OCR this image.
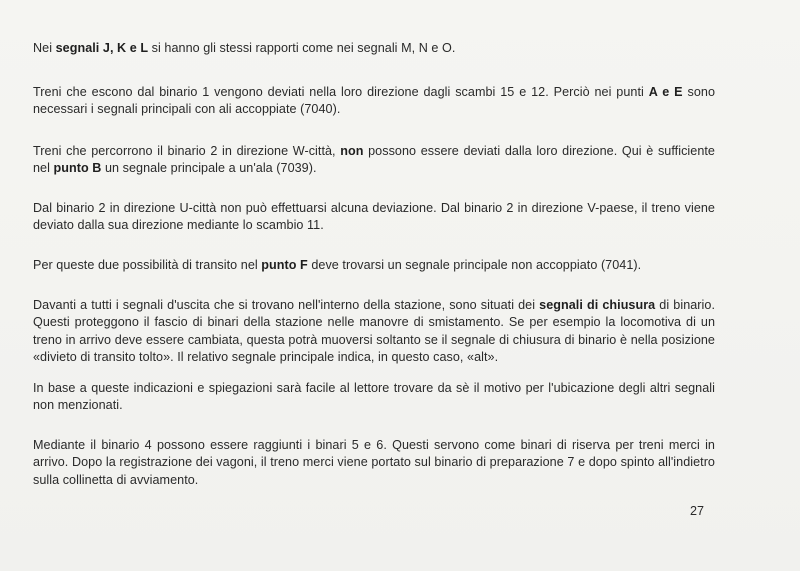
Nei segnali J, K e L si hanno gli stessi rapporti come nei segnali M, N e O.

Treni che escono dal binario 1 vengono deviati nella loro direzione dagli scambi 15 e 12. Perciò nei punti A e E sono necessari i segnali principali con ali accoppiate (7040).

Treni che percorrono il binario 2 in direzione W-città, non possono essere deviati dalla loro direzione. Qui è sufficiente nel punto B un segnale principale a un'ala (7039).

Dal binario 2 in direzione U-città non può effettuarsi alcuna deviazione. Dal binario 2 in direzione V-paese, il treno viene deviato dalla sua direzione mediante lo scambio 11.

Per queste due possibilità di transito nel punto F deve trovarsi un segnale principale non accoppiato (7041).

Davanti a tutti i segnali d'uscita che si trovano nell'interno della stazione, sono situati dei segnali di chiusura di binario. Questi proteggono il fascio di binari della stazione nelle manovre di smistamento. Se per esempio la locomotiva di un treno in arrivo deve essere cambiata, questa potrà muoversi soltanto se il segnale di chiusura di binario è nella posizione «divieto di transito tolto». Il relativo segnale principale indica, in questo caso, «alt».

In base a queste indicazioni e spiegazioni sarà facile al lettore trovare da sè il motivo per l'ubicazione degli altri segnali non menzionati.

Mediante il binario 4 possono essere raggiunti i binari 5 e 6. Questi servono come binari di riserva per treni merci in arrivo. Dopo la registrazione dei vagoni, il treno merci viene portato sul binario di preparazione 7 e dopo spinto all'indietro sulla collinetta di avviamento.

27
